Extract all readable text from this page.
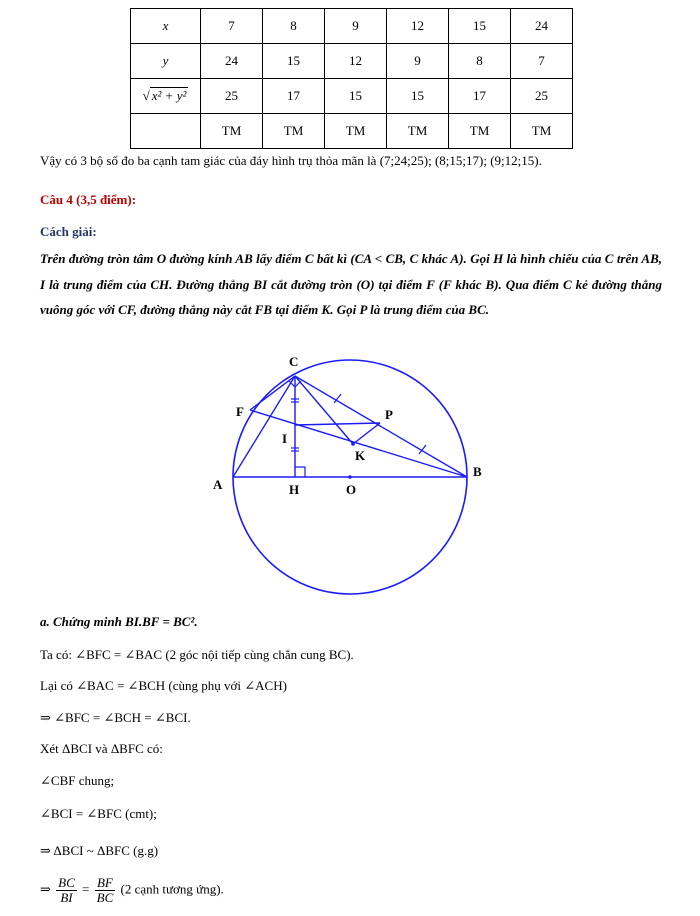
x	7	8	9	12	15	24
y	24	15	12	9	8	7
√ x² + y²	25	17	15	15	17	25
	TM	TM	TM	TM	TM	TM
Vậy có 3 bộ số đo ba cạnh tam giác của đáy hình trụ thỏa mãn là (7;24;25); (8;15;17); (9;12;15).
Câu 4 (3,5 điểm):
Cách giải:
Trên đường tròn tâm O đường kính AB lấy điểm C bất kì (CA < CB, C khác A). Gọi H là hình chiếu của C trên AB, I là trung điểm của CH. Đường thẳng BI cắt đường tròn (O) tại điểm F (F khác B). Qua điểm C kẻ đường thẳng vuông góc với CF, đường thẳng này cắt FB tại điểm K. Gọi P là trung điểm của BC.
C
F	P
I
K
A	H	O
B
a. Chứng minh BI.BF = BC².
Ta có: ∠BFC = ∠BAC (2 góc nội tiếp cùng chắn cung BC).
Lại có ∠BAC = ∠BCH (cùng phụ với ∠ACH)
⇒ ∠BFC = ∠BCH = ∠BCI.
Xét ΔBCI và ΔBFC có:
∠CBF chung;
∠BCI = ∠BFC (cmt);
⇒ ΔBCI ~ ΔBFC (g.g)
⇒ $\frac{BC}{BI} = \frac{BF}{BC} (2$ cạnh tương ứng).
